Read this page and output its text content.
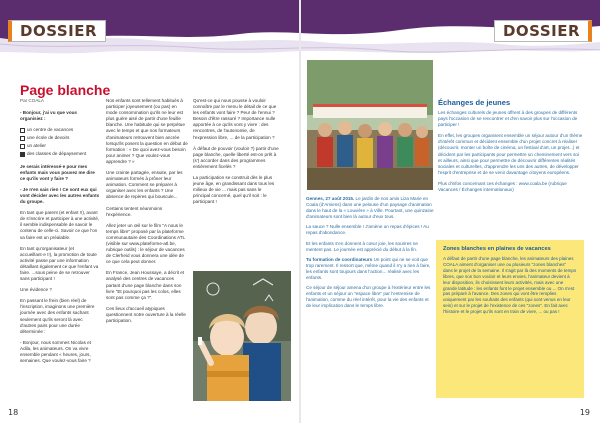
DOSSIER	DOSSIER
Page blanche
Par COALA

- Bonjour, j'ai vu que vous organisiez :

un centre de vacances
une école de devoirs
un atelier
des classes de dépaysement

Je serais intéressé·e pour mes enfants mais vous pouvez me dire ce qu'ils vont y faire ?

- Je n'en sais rien ! Ce sont eux qui vont décider avec les autres enfants du groupe.

En tant que parent (et enfant !!), avant de s'inscrire et participer à une activité, il semble indispensable de savoir le contenu de celle-ci. Savoir ce que l'on va faire est un préalable.

En tant qu'organisateur (et accueillant·e !!), la promotion de toute activité passe par une information détaillant également ce que l'enfant va faire. ...sous peine de se retrouver sans participant !

Une évidence ?

En passant le frein (bien réel) de l'inscription, imaginons une première journée avec des enfants sachant seulement qu'ils seront là avec d'autres pairs pour une durée déterminée :

- Bonjour, nous sommes Nicolas et Adila, les animateurs. On va vivre ensemble pendant « heures, jours, semaines. Que voulez-vous faire ?

Nos enfants sont tellement habitués à participer joyeusement (ou pas) en mode consommation qu'ils ne leur est plus guère aisé de partir d'une feuille blanche. Une habitude qui se perpétue avec le temps et que nos formateurs d'animateurs retrouvent bien ancrée lorsqu'ils posent la question en début de formation : « De quoi avez-vous besoin pour animer ? Que voulez-vous apprendre ? »

Une crainte partagée, ensuite, par les animateurs formés à prôner leur animation. Comment se préparer à organiser avec les enfants ? Une absence de repères qui bouscule...

Certains tentent néanmoins l'expérience.

Allez jeter un œil sur le film "A nous le temps libre" proposé par la plateforme communautaire des Coordinations ATL (visible sur www.plateforme-atl.be, rubrique outils) : le séjour de vacances de Clerheid vous donnera une idée de ce que cela peut donner.

En France, Jean Houssaye, a décrit et analysé des centres de vacances partant d'une page blanche dans son livre "Et pourquoi pas les colos, elles sont pas comme ça ?".

Ces lieux d'accueil atypiques questionnent notre ouverture à la réelle participation.

Qu'est-ce qui nous pousse à vouloir connaître par le menu le détail de ce que les enfants vont faire ? Peur de l'ennui ? Besoin d'être rassuré ? Importance nulle apportée à ce qu'ils vont y vivre : des rencontres, de l'autonomie, de l'expression libre, ... de la participation ?

À défaut de pouvoir (vouloir ?) partir d'une page blanche, quelle liberté est-on prêt à (s') accorder dans des programmes entièrement ficelés ?

La participation se construit dès le plus jeune âge, en grandissant dans tous les milieux de vie ... mais pas sans le principal concerné, quel qu'il soit : le participant !

18
Échanges de jeunes

Les échanges culturels de jeunes offrent à des groupes de différents pays l'occasion de se rencontrer et d'en savoir plus sur l'occasion de participer !

En effet, les groupes organisent ensemble un séjour autour d'un thème d'intérêt commun et décident ensemble d'un projet concret à réaliser (découvrir, monter un boîte de cinéma, un festival d'art, un projet...) et décident par les participants pour permettre un cheminement vers soi et ailleurs, ainsi que pour permettre de découvrir différentes réalités sociales et culturelles, d'apprendre les uns des autres, de développer l'esprit d'entreprise et de se venir davantage citoyens européens.

Plus d'infos concernant ces échanges : www.coala.be (rubrique Vacances / Échanges internationaux)

Gennes, 27 août 2015. Le jardin de nos amis Liza Marie en Coala (d'Amiens) dans une pelouse d'un paysage d'animation dans le haut de la « Louvière » à Ville. Pourtant, une quinzaine d'animateurs sont bien là autour d'eux tous.

La sauce ? Nulle ensemble ! J'amène un repas d'épices ! Au repas d'abondance.

Et les enfants s'en donnent à cœur joie, les sourires ne mentent pas. Le journée est apprécié du début à la fin.

Tu formation de coordinateurs Un point qui ne se voit que trop rarement. Il ressort que, même quand il n'y a rien à faire, les enfants sont toujours dans l'action... réalisé avec les enfants.

Ce séjour de séjour amena d'un groupe à l'extérieur entre les enfants et un séjour un "espace libre" par l'entremise de l'animation, comme du réel intérêt, pour la vie des enfants et de leur implication dans le temps libre.

Zones blanches en plaines de vacances
A défaut de partir d'une page blanche, les animateurs des plaines COALA aiment d'organiser une ou plusieurs "zones blanches" dans le projet de la semaine. Il s'agit par là des moments de temps libres, que son bon vouloir et leurs envies, l'animateur devient à leur disposition, ils choisissent leurs activités, mais avec une grande latitude : les enfants font le projet ensemble ou ... On n'est pas préparé à l'avance. Des zones qui vont être remplies uniquement par les souhaits des enfants (qui sont venus en leur sein) et sur le projet de l'existence de ces "zones". En fait avec l'histoire et le projet qu'ils sont en train de vivre, ... ou pas !
19
